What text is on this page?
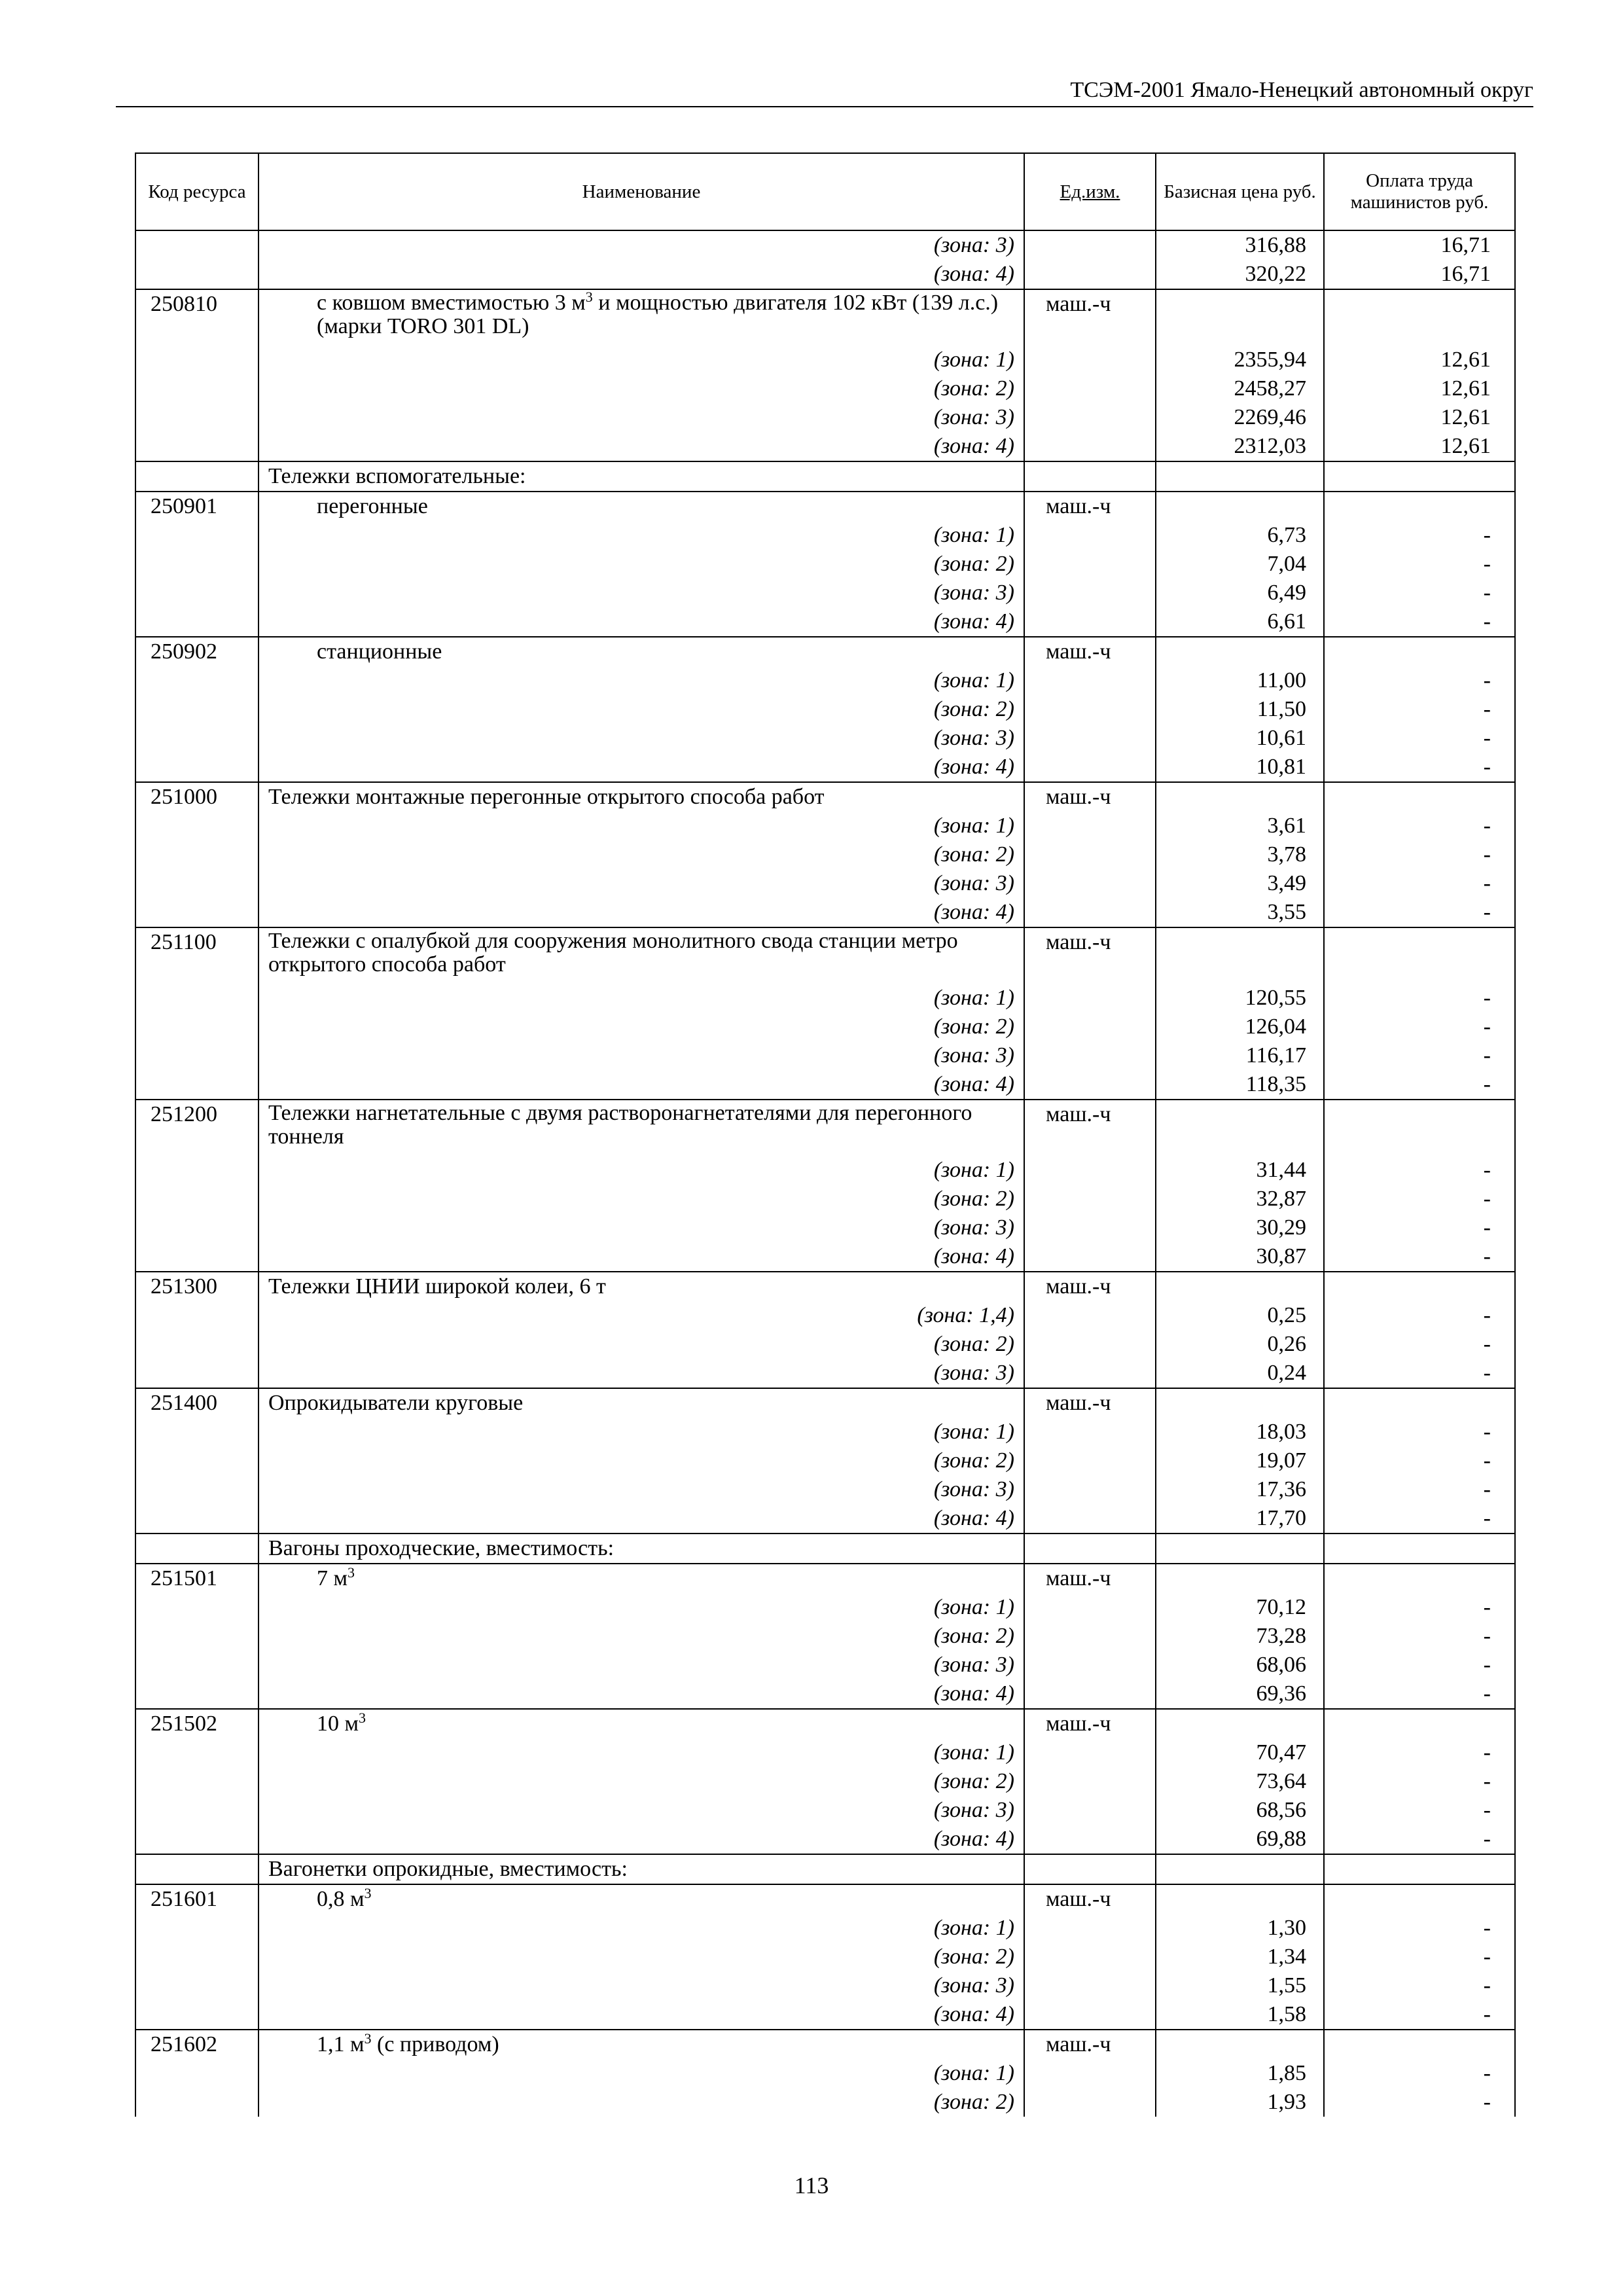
ТСЭМ-2001 Ямало-Ненецкий автономный округ
Код ресурса	Наименование	Ед.изм.	Базисная цена руб.	Оплата труда машинистов руб.
	(зона: 3)		316,88	16,71
	(зона: 4)		320,22	16,71
250810	с ковшом вместимостью 3 $м^3$ и мощностью двигателя 102 кВт (139 л.с.) (марки TORO 301 DL)	маш.-ч		
	(зона: 1)		2355,94	12,61
	(зона: 2)		2458,27	12,61
	(зона: 3)		2269,46	12,61
	(зона: 4)		2312,03	12,61
	Тележки вспомогательные:			
250901	перегонные	маш.-ч		
	(зона: 1)		6,73	-
	(зона: 2)		7,04	-
	(зона: 3)		6,49	-
	(зона: 4)		6,61	-
250902	станционные	маш.-ч		
	(зона: 1)		11,00	-
	(зона: 2)		11,50	-
	(зона: 3)		10,61	-
	(зона: 4)		10,81	-
251000	Тележки монтажные перегонные открытого способа работ	маш.-ч		
	(зона: 1)		3,61	-
	(зона: 2)		3,78	-
	(зона: 3)		3,49	-
	(зона: 4)		3,55	-
251100	Тележки с опалубкой для сооружения монолитного свода станции метро открытого способа работ	маш.-ч		
	(зона: 1)		120,55	-
	(зона: 2)		126,04	-
	(зона: 3)		116,17	-
	(зона: 4)		118,35	-
251200	Тележки нагнетательные с двумя растворонагнетателями для перегонного тоннеля	маш.-ч		
	(зона: 1)		31,44	-
	(зона: 2)		32,87	-
	(зона: 3)		30,29	-
	(зона: 4)		30,87	-
251300	Тележки ЦНИИ широкой колеи, 6 т	маш.-ч		
	(зона: 1,4)		0,25	-
	(зона: 2)		0,26	-
	(зона: 3)		0,24	-
251400	Опрокидыватели круговые	маш.-ч		
	(зона: 1)		18,03	-
	(зона: 2)		19,07	-
	(зона: 3)		17,36	-
	(зона: 4)		17,70	-
	Вагоны проходческие, вместимость:			
251501	7 $м^3$	маш.-ч		
	(зона: 1)		70,12	-
	(зона: 2)		73,28	-
	(зона: 3)		68,06	-
	(зона: 4)		69,36	-
251502	10 $м^3$	маш.-ч		
	(зона: 1)		70,47	-
	(зона: 2)		73,64	-
	(зона: 3)		68,56	-
	(зона: 4)		69,88	-
	Вагонетки опрокидные, вместимость:			
251601	0,8 $м^3$	маш.-ч		
	(зона: 1)		1,30	-
	(зона: 2)		1,34	-
	(зона: 3)		1,55	-
	(зона: 4)		1,58	-
251602	1,1 $м^3$ (с приводом)	маш.-ч		
	(зона: 1)		1,85	-
	(зона: 2)		1,93	-
113
